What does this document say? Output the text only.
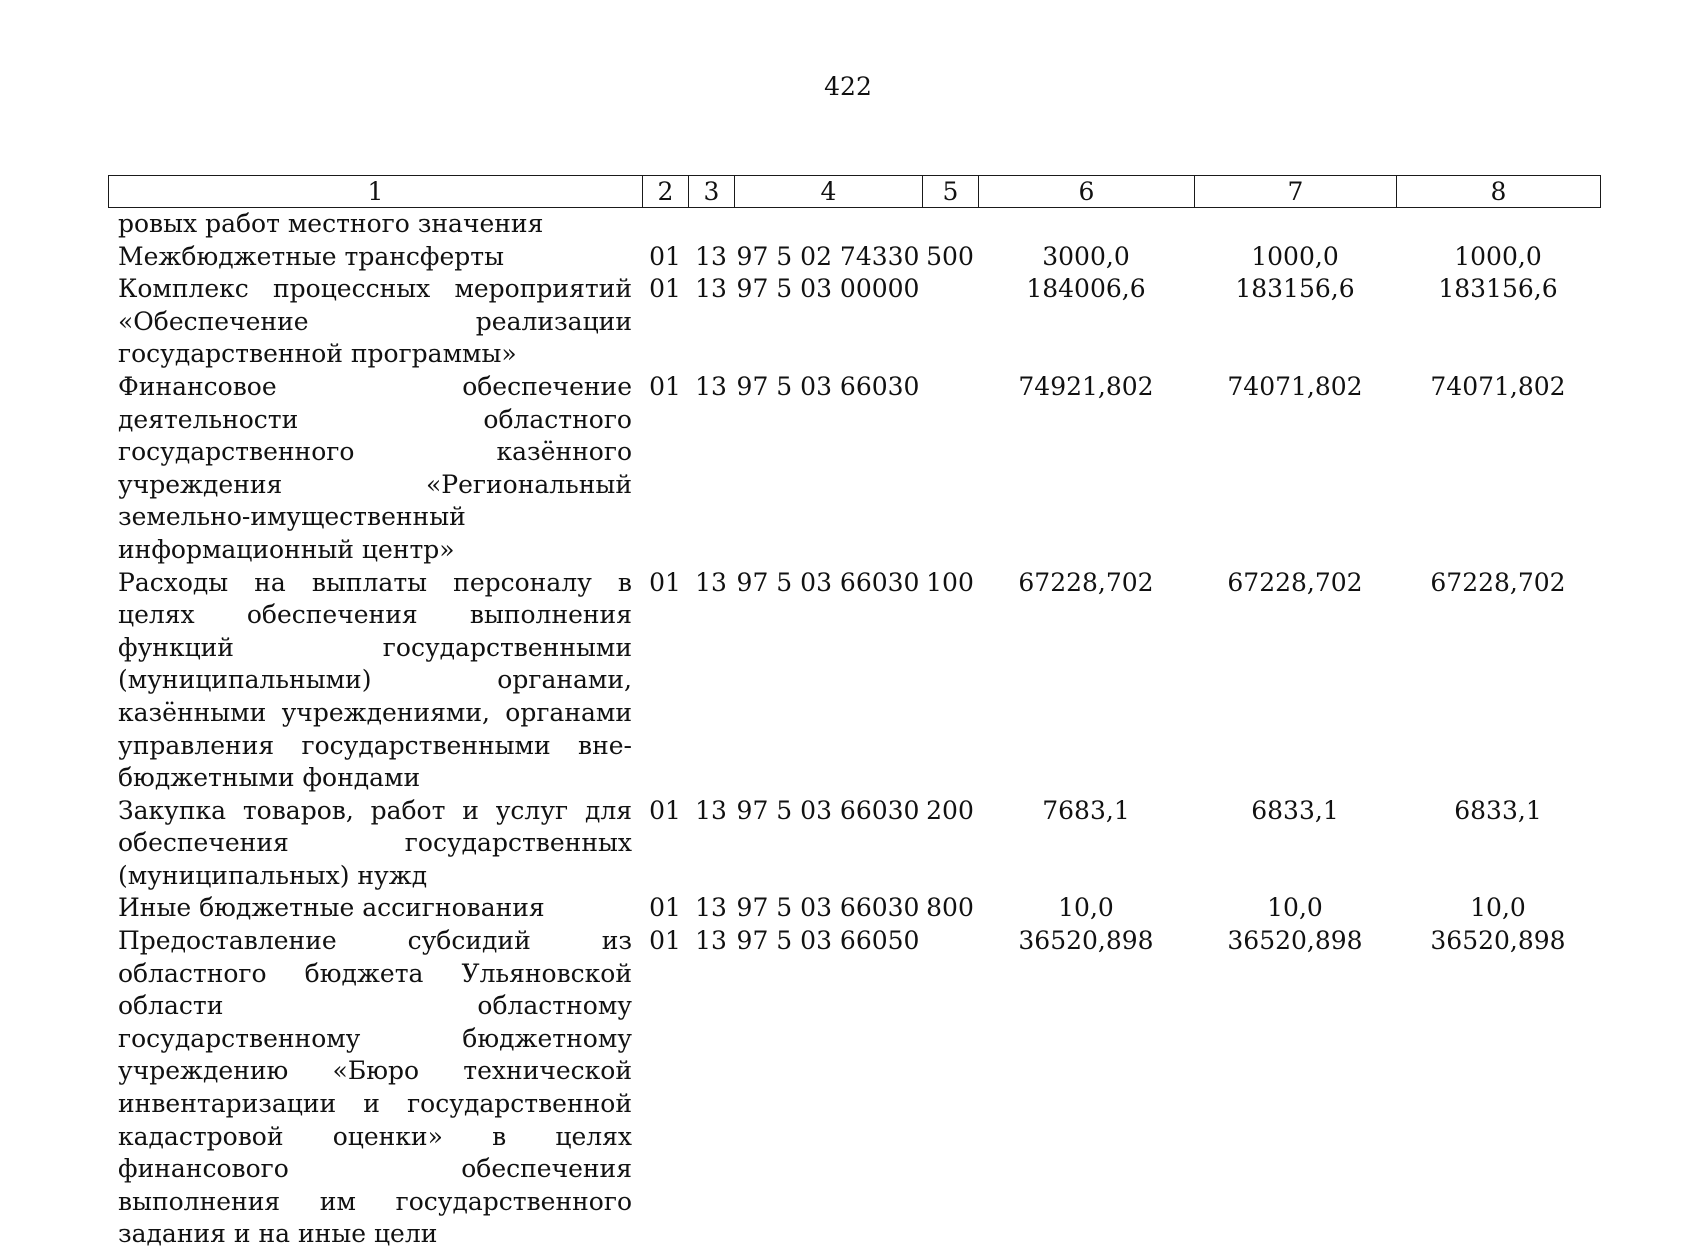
422
1	2	3	4	5	6	7	8
ровых работ местного значения							
Межбюджетные трансферты	01	13	97 5 02 74330	500	3000,0	1000,0	1000,0
Комплекс процессных мероприятий «Обеспечение реализации государственной программы»	01	13	97 5 03 00000		184006,6	183156,6	183156,6
Финансовое обеспечение деятельности областного государственного казённого учреждения «Региональный земельно-имущественный информационный центр»	01	13	97 5 03 66030		74921,802	74071,802	74071,802
Расходы на выплаты персоналу в целях обеспечения выполнения функций государственными (муниципальными) органами, казёнными учреждениями, органами управления государственными внебюджетными фондами	01	13	97 5 03 66030	100	67228,702	67228,702	67228,702
Закупка товаров, работ и услуг для обеспечения государственных (муниципальных) нужд	01	13	97 5 03 66030	200	7683,1	6833,1	6833,1
Иные бюджетные ассигнования	01	13	97 5 03 66030	800	10,0	10,0	10,0
Предоставление субсидий из областного бюджета Ульяновской области областному государственному бюджетному учреждению «Бюро технической инвентаризации и государственной кадастровой оценки» в целях финансового обеспечения выполнения им государственного задания и на иные цели	01	13	97 5 03 66050		36520,898	36520,898	36520,898
